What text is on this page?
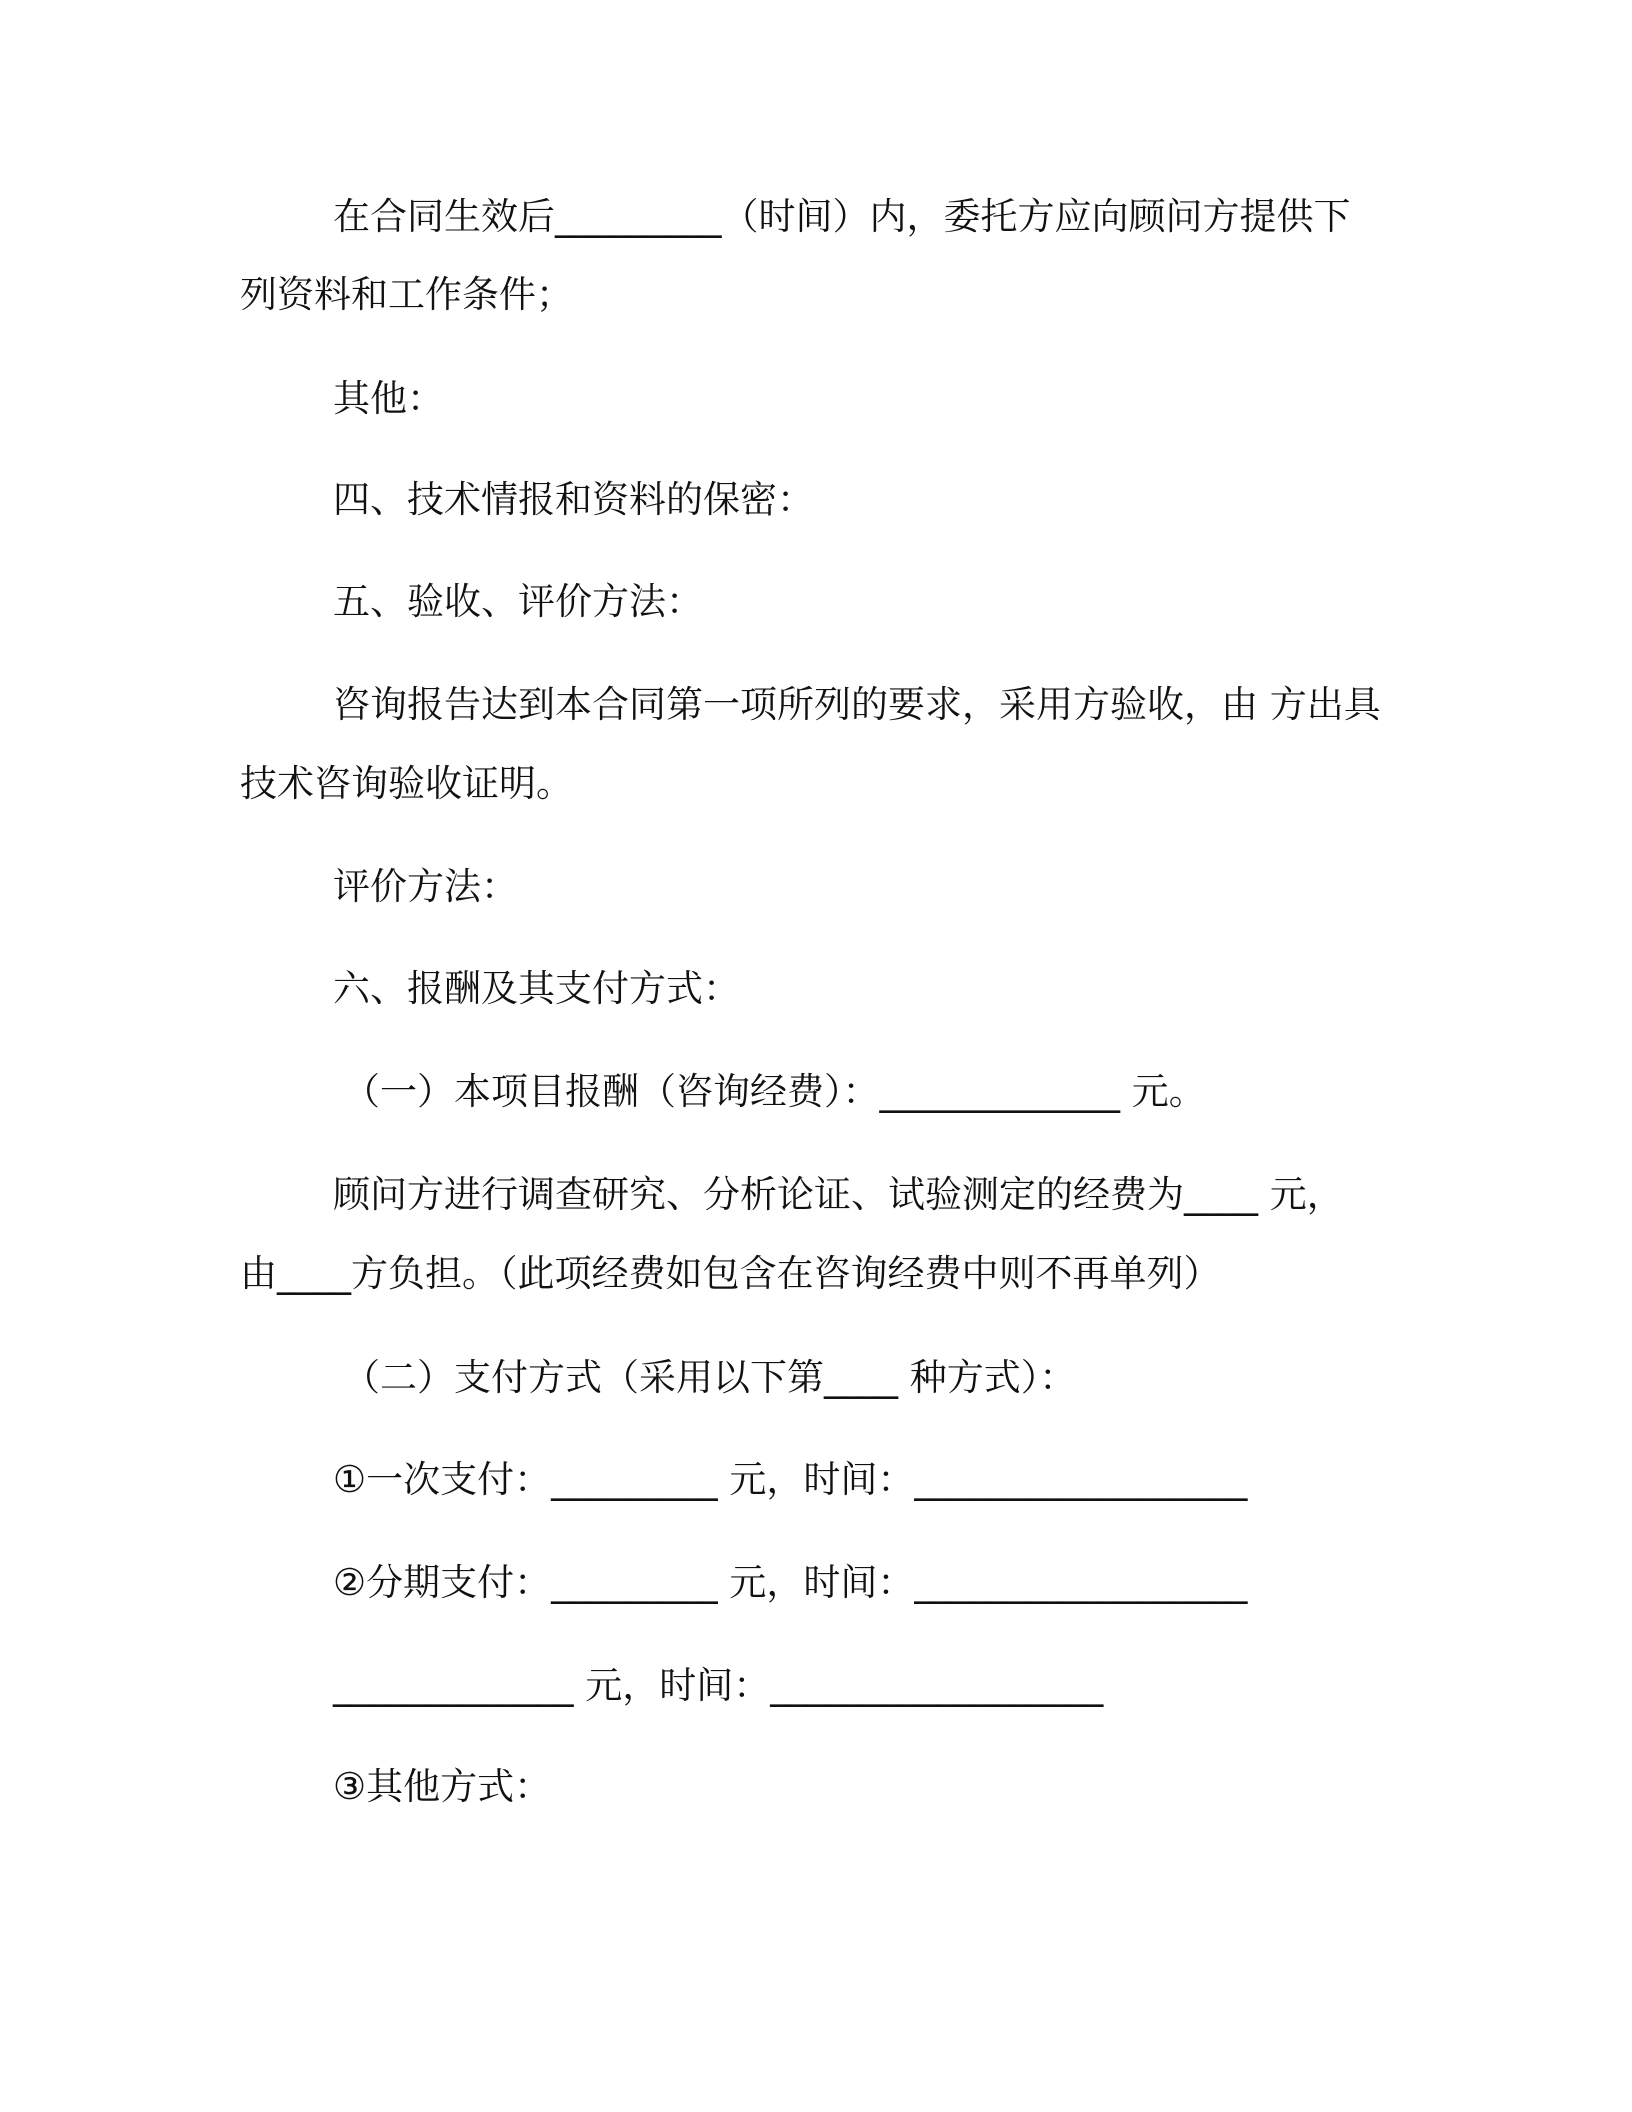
在合同生效后_________（时间）内，委托方应向顾问方提供下
列资料和工作条件；
其他：
四、技术情报和资料的保密：
五、验收、评价方法：
咨询报告达到本合同第一项所列的要求，采用方验收，由 方出具
技术咨询验收证明。
评价方法：
六、报酬及其支付方式：
（一）本项目报酬（咨询经费）：_____________ 元。
顾问方进行调查研究、分析论证、试验测定的经费为____ 元，
由____方负担。（此项经费如包含在咨询经费中则不再单列）
（二）支付方式（采用以下第____ 种方式）：
①一次支付：_________ 元，时间：__________________
②分期支付：_________ 元，时间：__________________
_____________ 元，时间：__________________
③其他方式：
